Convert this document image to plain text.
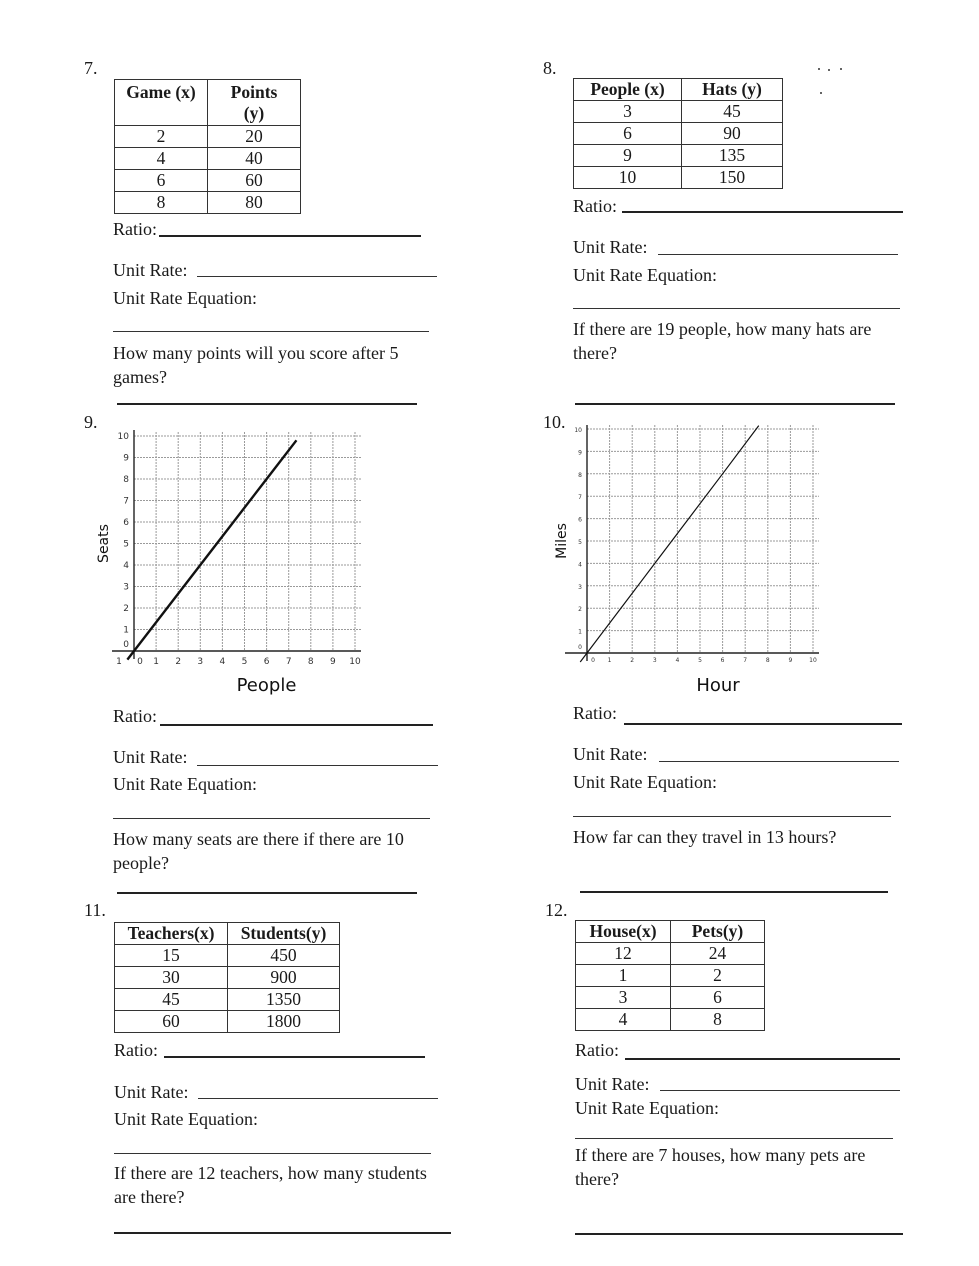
7.
Game (x)	Points
(y)
2	20
4	40
6	60
8	80
Ratio:
Unit Rate:
Unit Rate Equation:
How many points will you score after 5
games?
8.
People (x)	Hats (y)
3	45
6	90
9	135
10	150
Ratio:
Unit Rate:
Unit Rate Equation:
If there are 19 people, how many hats are
there?
9.
0 1 2 3 4 5 6 7 8 9 10
0
1
2
3
4
5
6
7
8
9
10
1
People
Seats
Ratio:
Unit Rate:
Unit Rate Equation:
How many seats are there if there are 10
people?
10.
0 1	2	3	4	5	6	7	8	9	10
0
1
2
3
4
5
6
7
8
9
10
Hour
Miles
Ratio:
Unit Rate:
Unit Rate Equation:
How far can they travel in 13 hours?
11.
Teachers(x)	Students(y)
15	450
30	900
45	1350
60	1800
Ratio:
Unit Rate:
Unit Rate Equation:
If there are 12 teachers, how many students
are there?
12.
House(x)	Pets(y)
12	24
1	2
3	6
4	8
Ratio:
Unit Rate:
Unit Rate Equation:
If there are 7 houses, how many pets are
there?
